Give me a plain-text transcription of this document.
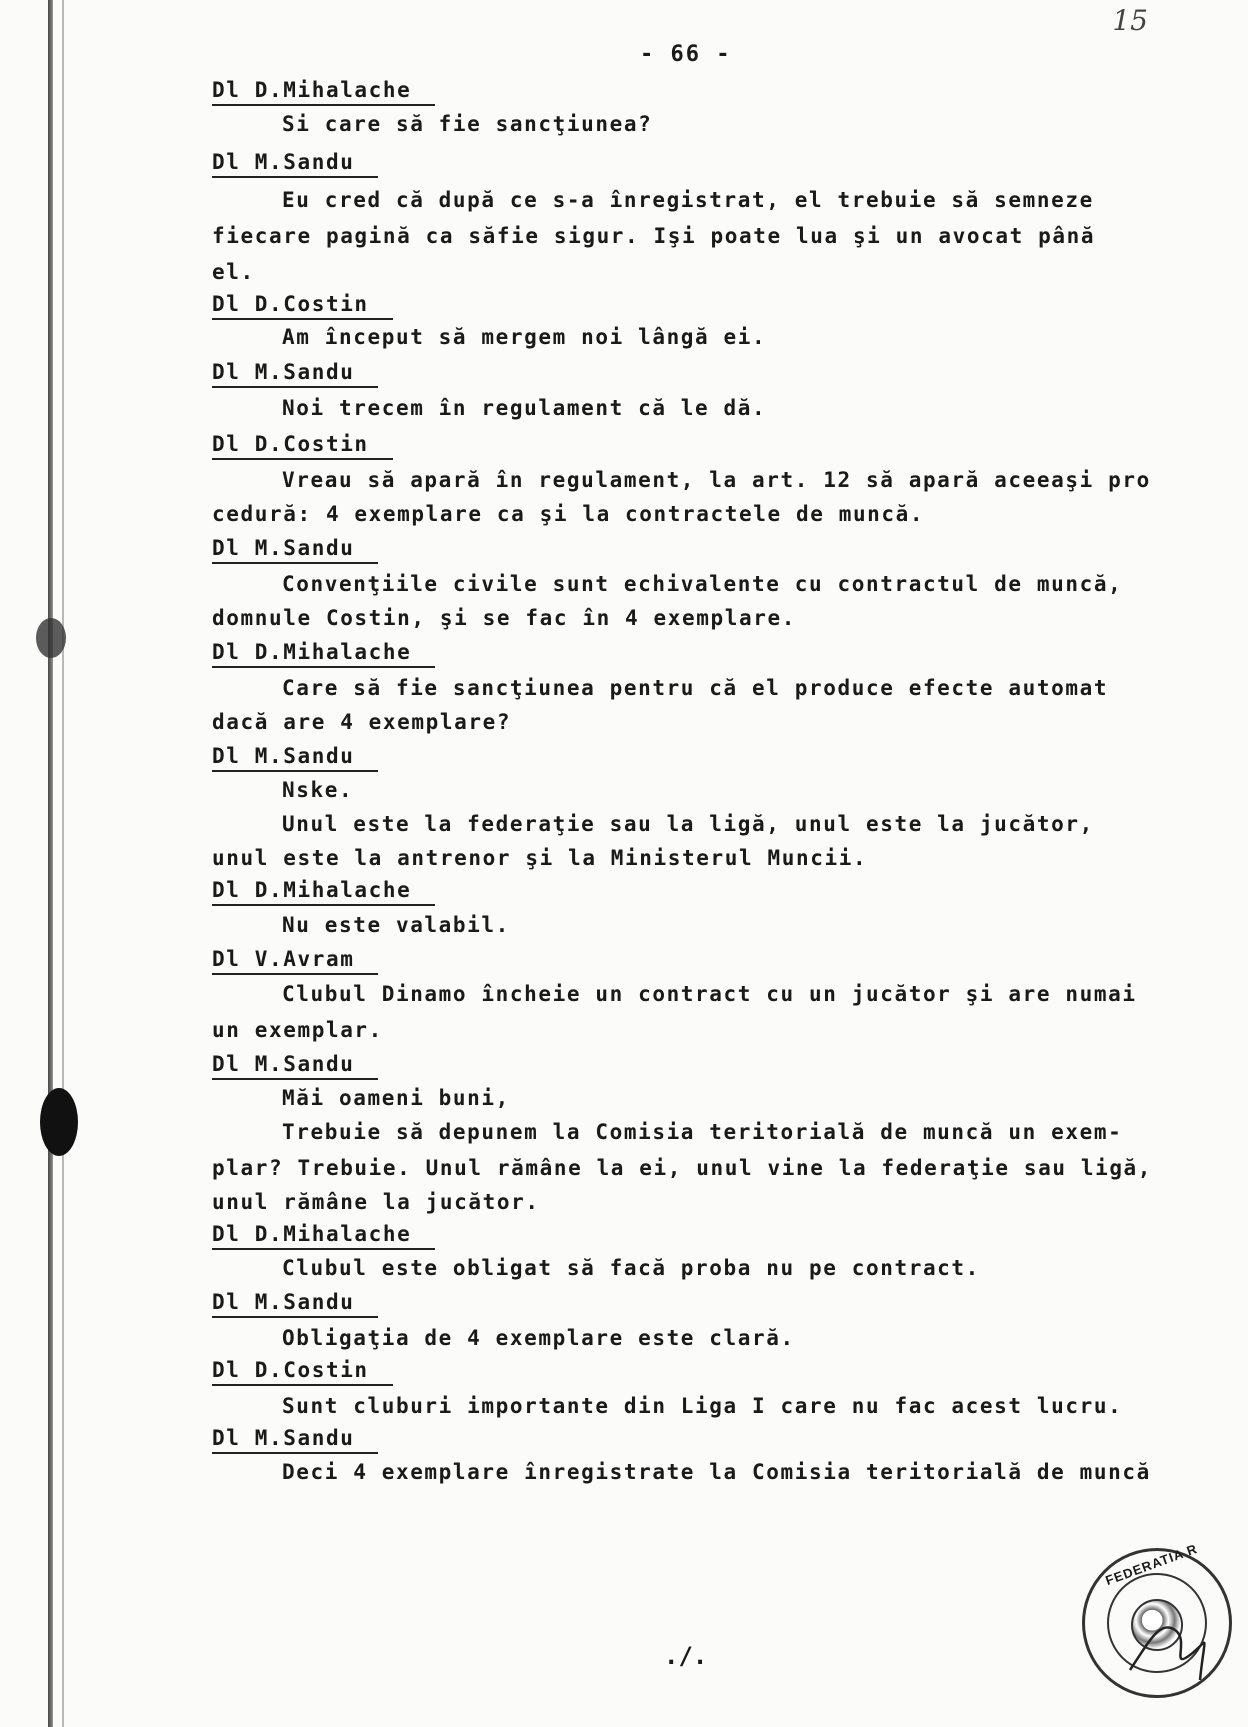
15
- 66 -
Dl D.Mihalache
Si care să fie sancţiunea?
Dl M.Sandu
Eu cred că după ce s-a înregistrat, el trebuie să semneze
fiecare pagină ca săfie sigur. Işi poate lua şi un avocat până
el.
Dl D.Costin
Am început să mergem noi lângă ei.
Dl M.Sandu
Noi trecem în regulament că le dă.
Dl D.Costin
Vreau să apară în regulament, la art. 12 să apară aceeaşi pro
cedură: 4 exemplare ca şi la contractele de muncă.
Dl M.Sandu
Convenţiile civile sunt echivalente cu contractul de muncă,
domnule Costin, şi se fac în 4 exemplare.
Dl D.Mihalache
Care să fie sancţiunea pentru că el produce efecte automat
dacă are 4 exemplare?
Dl M.Sandu
Nske.
Unul este la federaţie sau la ligă, unul este la jucător,
unul este la antrenor şi la Ministerul Muncii.
Dl D.Mihalache
Nu este valabil.
Dl V.Avram
Clubul Dinamo încheie un contract cu un jucător şi are numai
un exemplar.
Dl M.Sandu
Măi oameni buni,
Trebuie să depunem la Comisia teritorială de muncă un exem-
plar? Trebuie. Unul rămâne la ei, unul vine la federaţie sau ligă,
unul rămâne la jucător.
Dl D.Mihalache
Clubul este obligat să facă proba nu pe contract.
Dl M.Sandu
Obligaţia de 4 exemplare este clară.
Dl D.Costin
Sunt cluburi importante din Liga I care nu fac acest lucru.
Dl M.Sandu
Deci 4 exemplare înregistrate la Comisia teritorială de muncă
./.
FEDERATIA R
